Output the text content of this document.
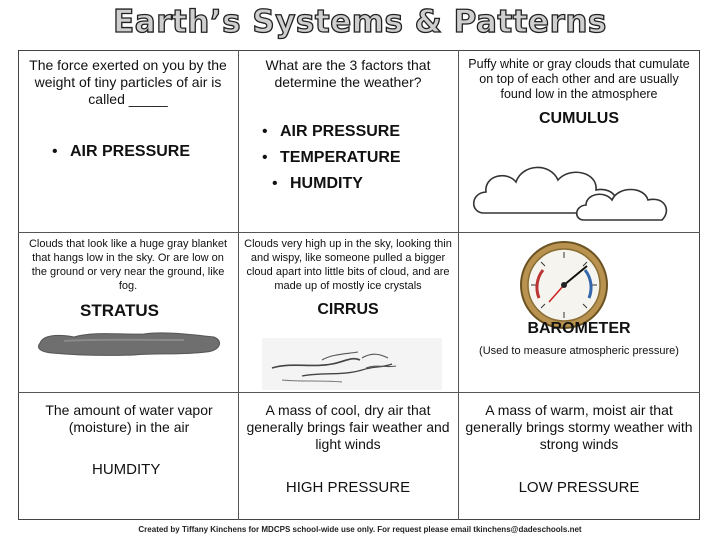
Earth’s Systems & Patterns
The force exerted on you by the weight of tiny particles of air is called _____
• AIR PRESSURE
What are the 3 factors that determine the weather?
• AIR PRESSURE
• TEMPERATURE
• HUMDITY
Puffy white or gray clouds that cumulate on top of each other and are usually found low in the atmosphere
CUMULUS
Clouds that look like a huge gray blanket that hangs low in the sky. Or are low on the ground or very near the ground, like fog.
STRATUS
Clouds very high up in the sky, looking thin and wispy, like someone pulled a bigger cloud apart into little bits of cloud, and are made up of mostly ice crystals
CIRRUS
BAROMETER
(Used to measure atmospheric pressure)
The amount of water vapor (moisture) in the air
HUMDITY
A mass of cool, dry air that generally brings fair weather and light winds
HIGH PRESSURE
A mass of warm, moist air that generally brings stormy weather with strong winds
LOW PRESSURE
Created by Tiffany Kinchens for MDCPS school-wide use only. For request please email tkinchens@dadeschools.net
